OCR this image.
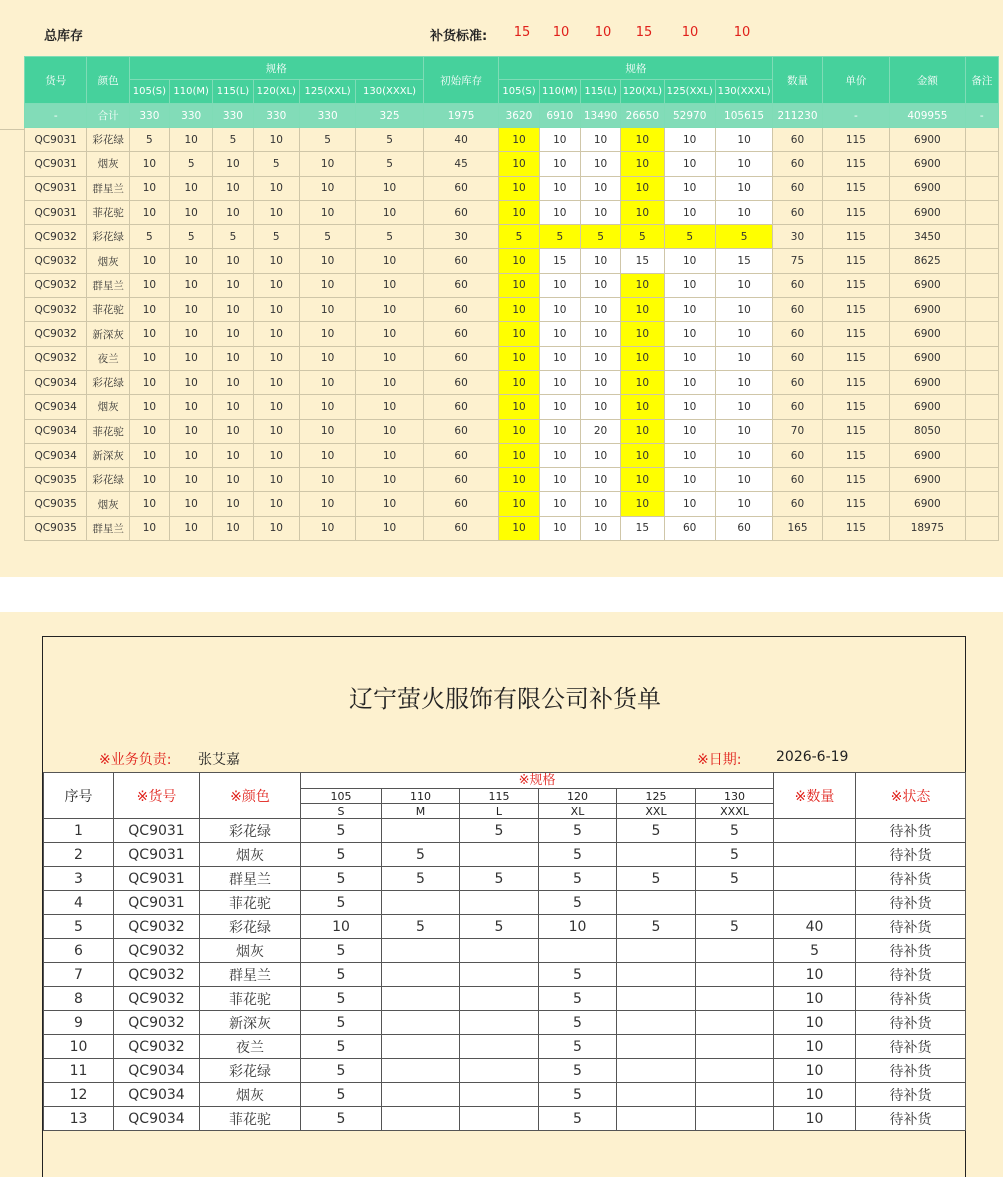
总库存	补货标准:	15	10	10	15	10	10
货号	颜色	规格						初始库存	规格						数量	单价	金额	备注
		105(S)	110(M)	115(L)	120(XL)	125(XXL)	130(XXXL)		105(S)	110(M)	115(L)	120(XL)	125(XXL)	130(XXXL)				
-	合计	330	330	330	330	330	325	1975	3620	6910	13490	26650	52970	105615	211230	-	409955	-
QC9031	彩花绿	5	10	5	10	5	5	40	10	10	10	10	10	10	60	115	6900	
QC9031	烟灰	10	5	10	5	10	5	45	10	10	10	10	10	10	60	115	6900	
QC9031	群星兰	10	10	10	10	10	10	60	10	10	10	10	10	10	60	115	6900	
QC9031	菲花驼	10	10	10	10	10	10	60	10	10	10	10	10	10	60	115	6900	
QC9032	彩花绿	5	5	5	5	5	5	30	5	5	5	5	5	5	30	115	3450	
QC9032	烟灰	10	10	10	10	10	10	60	10	15	10	15	10	15	75	115	8625	
QC9032	群星兰	10	10	10	10	10	10	60	10	10	10	10	10	10	60	115	6900	
QC9032	菲花驼	10	10	10	10	10	10	60	10	10	10	10	10	10	60	115	6900	
QC9032	新深灰	10	10	10	10	10	10	60	10	10	10	10	10	10	60	115	6900	
QC9032	夜兰	10	10	10	10	10	10	60	10	10	10	10	10	10	60	115	6900	
QC9034	彩花绿	10	10	10	10	10	10	60	10	10	10	10	10	10	60	115	6900	
QC9034	烟灰	10	10	10	10	10	10	60	10	10	10	10	10	10	60	115	6900	
QC9034	菲花驼	10	10	10	10	10	10	60	10	10	20	10	10	10	70	115	8050	
QC9034	新深灰	10	10	10	10	10	10	60	10	10	10	10	10	10	60	115	6900	
QC9035	彩花绿	10	10	10	10	10	10	60	10	10	10	10	10	10	60	115	6900	
QC9035	烟灰	10	10	10	10	10	10	60	10	10	10	10	10	10	60	115	6900	
QC9035	群星兰	10	10	10	10	10	10	60	10	10	10	15	60	60	165	115	18975	
辽宁萤火服饰有限公司补货单
※业务负责: 张艾嘉	※日期: 2026-6-19
序号	※货号	※颜色	※规格						※数量	※状态
			105	110	115	120	125	130		
			S	M	L	XL	XXL	XXXL		
1	QC9031	彩花绿	5		5	5	5	5		待补货
2	QC9031	烟灰	5	5		5		5		待补货
3	QC9031	群星兰	5	5	5	5	5	5		待补货
4	QC9031	菲花驼	5			5				待补货
5	QC9032	彩花绿	10	5	5	10	5	5	40	待补货
6	QC9032	烟灰	5						5	待补货
7	QC9032	群星兰	5			5			10	待补货
8	QC9032	菲花驼	5			5			10	待补货
9	QC9032	新深灰	5			5			10	待补货
10	QC9032	夜兰	5			5			10	待补货
11	QC9034	彩花绿	5			5			10	待补货
12	QC9034	烟灰	5			5			10	待补货
13	QC9034	菲花驼	5			5			10	待补货
